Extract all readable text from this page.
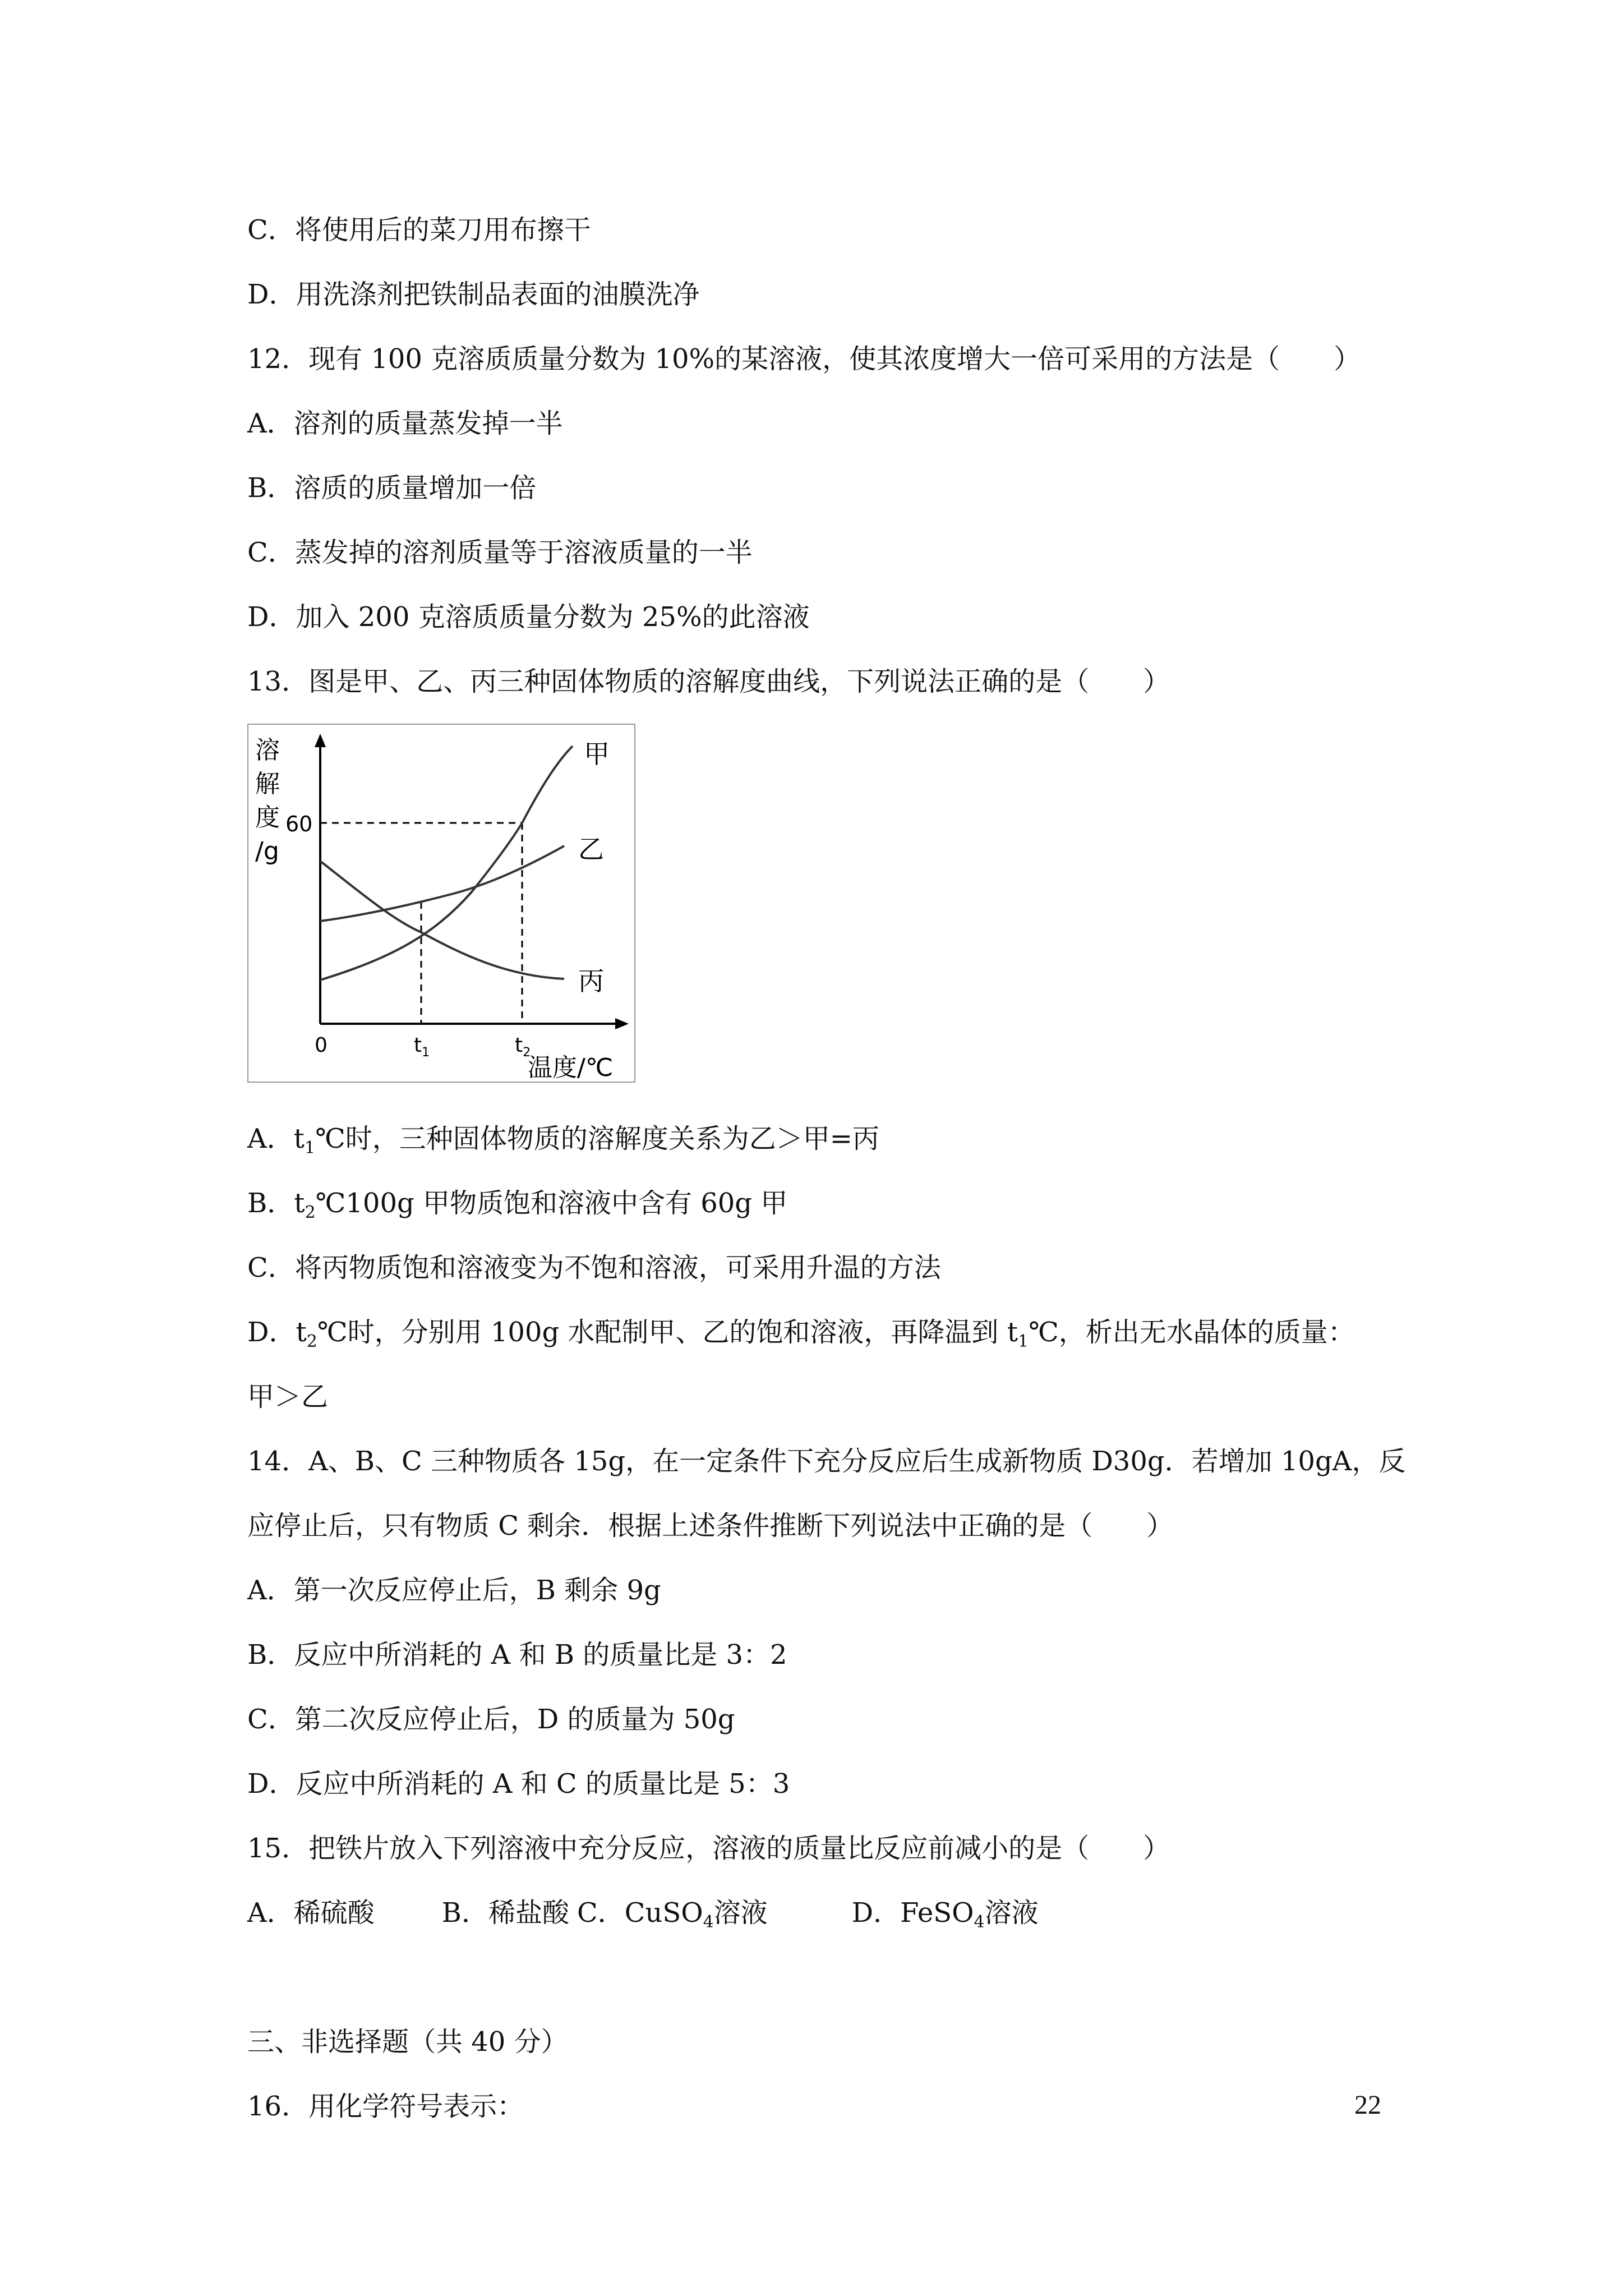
C．将使用后的菜刀用布擦干
D．用洗涤剂把铁制品表面的油膜洗净
12．现有 100 克溶质质量分数为 10%的某溶液，使其浓度增大一倍可采用的方法是（　　）
A．溶剂的质量蒸发掉一半
B．溶质的质量增加一倍
C．蒸发掉的溶剂质量等于溶液质量的一半
D．加入 200 克溶质质量分数为 25%的此溶液
13．图是甲、乙、丙三种固体物质的溶解度曲线，下列说法正确的是（　　）
溶
解
度
/g
60
0	$t_1$	$t_2$
温度/℃
甲
乙
丙
A．$t_1℃$时，三种固体物质的溶解度关系为乙＞甲=丙
B．$t_2℃100g$ 甲物质饱和溶液中含有 60g 甲
C．将丙物质饱和溶液变为不饱和溶液，可采用升温的方法
D．$t_2℃$时，分别用 100g 水配制甲、乙的饱和溶液，再降温到 $t_1℃$，析出无水晶体的质量：
甲＞乙
14．A、B、C 三种物质各 15g，在一定条件下充分反应后生成新物质 D30g．若增加 10gA，反
应停止后，只有物质 C 剩余．根据上述条件推断下列说法中正确的是（　　）
A．第一次反应停止后，B 剩余 9g
B．反应中所消耗的 A 和 B 的质量比是 3：2
C．第二次反应停止后，D 的质量为 50g
D．反应中所消耗的 A 和 C 的质量比是 5：3
15．把铁片放入下列溶液中充分反应，溶液的质量比反应前减小的是（　　）
A．稀硫酸	B．稀盐酸 C．CuSO$_4$溶液	D．FeSO$_4$溶液
三、非选择题（共 40 分）
16．用化学符号表示：	22
